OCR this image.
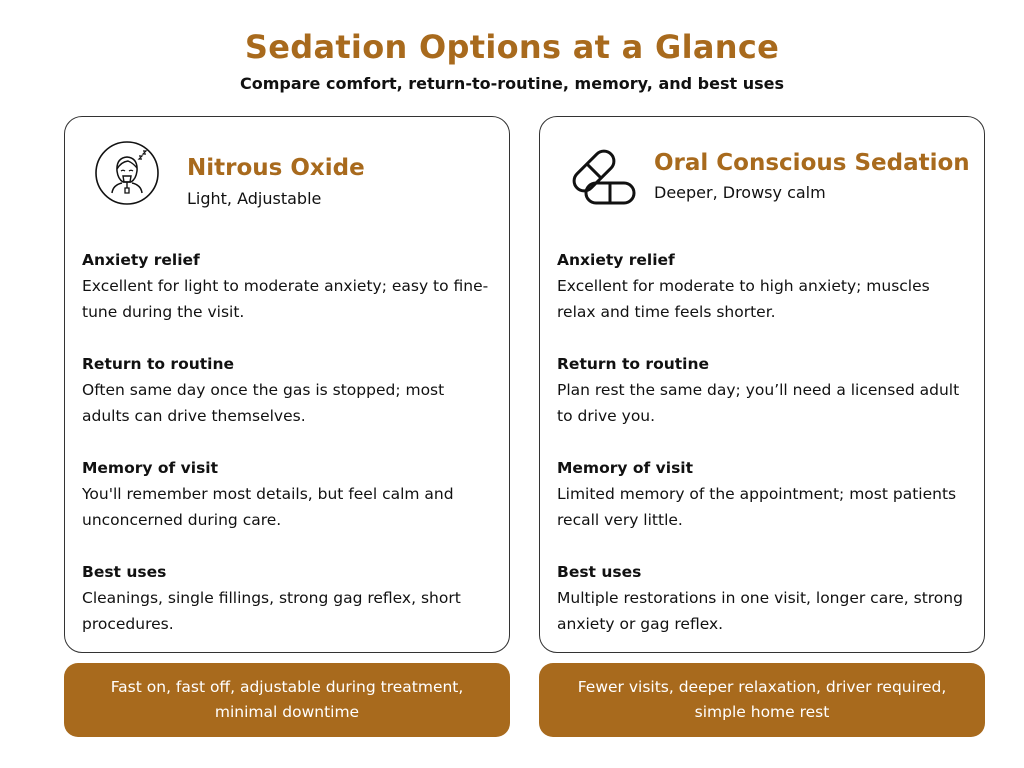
Sedation Options at a Glance
Compare comfort, return-to-routine, memory, and best uses
Nitrous Oxide
Light, Adjustable
Anxiety relief
Excellent for light to moderate anxiety; easy to fine-tune during the visit.
Return to routine
Often same day once the gas is stopped; most adults can drive themselves.
Memory of visit
You'll remember most details, but feel calm and unconcerned during care.
Best uses
Cleanings, single fillings, strong gag reflex, short procedures.
Oral Conscious Sedation
Deeper, Drowsy calm
Anxiety relief
Excellent for moderate to high anxiety; muscles relax and time feels shorter.
Return to routine
Plan rest the same day; you’ll need a licensed adult to drive you.
Memory of visit
Limited memory of the appointment; most patients recall very little.
Best uses
Multiple restorations in one visit, longer care, strong anxiety or gag reflex.
Fast on, fast off, adjustable during treatment, minimal downtime
Fewer visits, deeper relaxation, driver required, simple home rest
